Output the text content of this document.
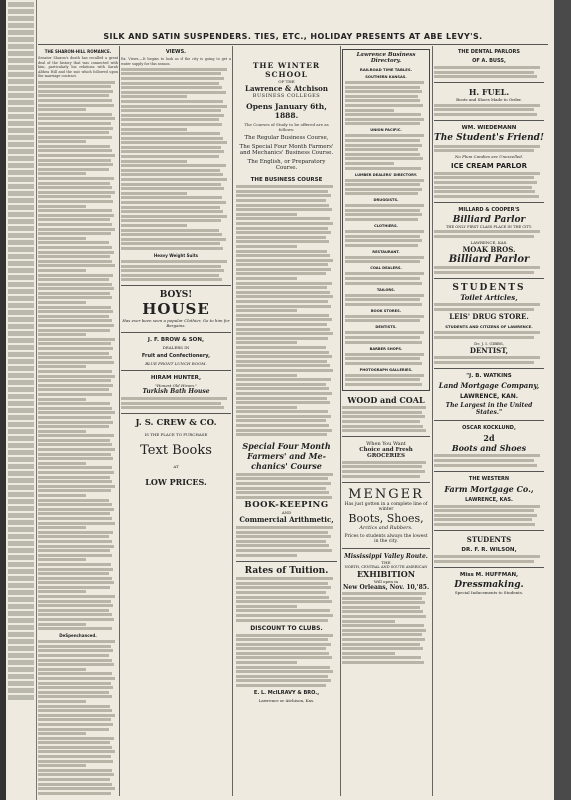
SILK AND SATIN SUSPENDERS. TIES, ETC., HOLIDAY PRESENTS AT ABE LEVY'S.
THE SHARON-HILL ROMANCE.
Senator Sharon's death has recalled a great deal of the history that was connected with him, particularly his relations with Sarah Althea Hill and the suit which followed upon the marriage contract.
DeSpenchanced.
VIEWS.
Ex. Views.—It begins to look as if the city is going to get a water supply for this season.
Heavy Weight Suits
BOYS!
HOUSE
Has ever been seen a popular Clothier, Go to him for Bargains.
J. F. BROW & SON,
DEALERS IN
Fruit and Confectionery,
BLUE FRONT LUNCH ROOM.
HIRAM HUNTER,
"Honest Old Hiram."
Turkish Bath House
J. S. CREW & CO.
IS THE PLACE TO PURCHASE
Text Books
AT
LOW PRICES.
THE WINTER SCHOOL
OF THE
Lawrence & Atchison
BUSINESS COLLEGES
Opens January 6th, 1888.
The Courses of Study to be offered are as follows:
The Regular Business Course,
The Special Four Month Farmers' and Mechanics' Business Course.
The English, or Preparatory Course.
THE BUSINESS COURSE
Special Four Month
Farmers' and Me-
chanics' Course
BOOK-KEEPING
AND
Commercial Arithmetic,
Rates of Tuition.
DISCOUNT TO CLUBS.
E. L. McILRAVY & BRO.,
Lawrence or Atchison, Kas.
Lawrence Business Directory.
RAILROAD TIME TABLES.
SOUTHERN KANSAS.
UNION PACIFIC.
LUMBER DEALERS' DIRECTORY.
DRUGGISTS.
CLOTHIERS.
RESTAURANT.
COAL DEALERS.
TAILORS.
BOOK STORES.
DENTISTS.
BARBER SHOPS.
PHOTOGRAPH GALLERIES.
WOOD and COAL
When You Want
Choice and Fresh GROCERIES
MENGER
Has just gotten in a complete line of winter
Boots, Shoes,
Arctics and Rubbers.
Prices to students always the lowest in the city.
Mississippi Valley Route.
THE
NORTH, CENTRAL AND SOUTH AMERICAN
EXHIBITION
Will open in
New Orleans, Nov. 10,'85.
THE DENTAL PARLORS
OF A. BUSS,
H. FUEL.
Boots and Shoes Made to Order.
WM. WIEDEMANN
The Student's Friend!
No Plum Candies are Unexcelled.
ICE CREAM PARLOR
MILLARD & COOPER'S
Billiard Parlor
THE ONLY FIRST CLASS PLACE IN THE CITY.
LAWRENCE, KAS.
MOAK BROS.
Billiard Parlor
STUDENTS
Toilet Articles,
LEIS' DRUG STORE.
STUDENTS AND CITIZENS OF LAWRENCE.
Dr. J. I. GIBBS,
DENTIST,
"J. B. WATKINS
Land Mortgage Company,
LAWRENCE, KAN.
The Largest in the United States."
OSCAR KOCKLUND,
2d
Boots and Shoes
THE WESTERN
Farm Mortgage Co.,
LAWRENCE, KAS.
STUDENTS
DR. F. R. WILSON,
Miss M. HUFFMAN,
Dressmaking.
Special Inducements to Students.
